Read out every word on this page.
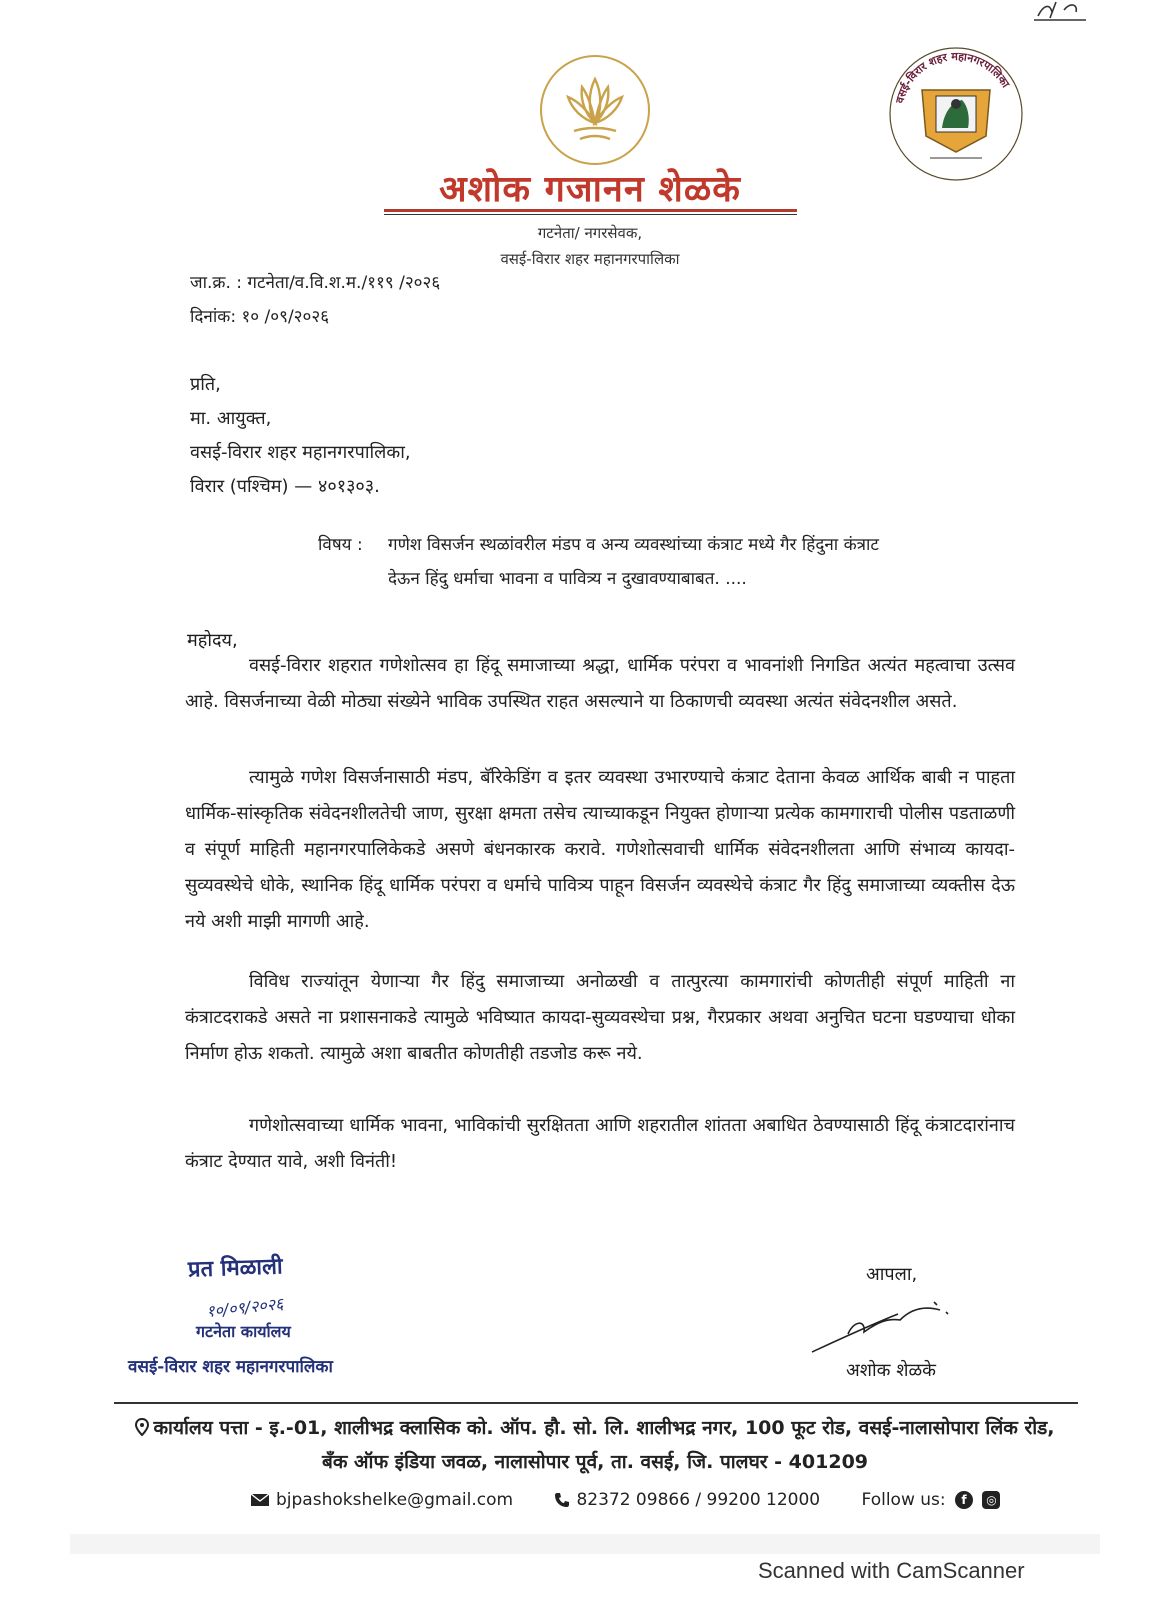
अशोक गजानन शेळके
गटनेता/ नगरसेवक,
वसई-विरार शहर महानगरपालिका
वसई-विरार शहर महानगरपालिका
जा.क्र. : गटनेता/व.वि.श.म./११९ /२०२६
दिनांक: १० /०९/२०२६
प्रति,
मा. आयुक्त,
वसई-विरार शहर महानगरपालिका,
विरार (पश्चिम) — ४०१३०३.
विषय : गणेश विसर्जन स्थळांवरील मंडप व अन्य व्यवस्थांच्या कंत्राट मध्ये गैर हिंदुना कंत्राट
देऊन हिंदु धर्माचा भावना व पावित्र्य न दुखावण्याबाबत. ....
महोदय,
वसई-विरार शहरात गणेशोत्सव हा हिंदू समाजाच्या श्रद्धा, धार्मिक परंपरा व भावनांशी निगडित अत्यंत महत्वाचा उत्सव आहे. विसर्जनाच्या वेळी मोठ्या संख्येने भाविक उपस्थित राहत असल्याने या ठिकाणची व्यवस्था अत्यंत संवेदनशील असते.
त्यामुळे गणेश विसर्जनासाठी मंडप, बॅरिकेडिंग व इतर व्यवस्था उभारण्याचे कंत्राट देताना केवळ आर्थिक बाबी न पाहता धार्मिक-सांस्कृतिक संवेदनशीलतेची जाण, सुरक्षा क्षमता तसेच त्याच्याकडून नियुक्त होणाऱ्या प्रत्येक कामगाराची पोलीस पडताळणी व संपूर्ण माहिती महानगरपालिकेकडे असणे बंधनकारक करावे. गणेशोत्सवाची धार्मिक संवेदनशीलता आणि संभाव्य कायदा-सुव्यवस्थेचे धोके, स्थानिक हिंदू धार्मिक परंपरा व धर्माचे पावित्र्य पाहून विसर्जन व्यवस्थेचे कंत्राट गैर हिंदु समाजाच्या व्यक्तीस देऊ नये अशी माझी मागणी आहे.
विविध राज्यांतून येणाऱ्या गैर हिंदु समाजाच्या अनोळखी व तात्पुरत्या कामगारांची कोणतीही संपूर्ण माहिती ना कंत्राटदराकडे असते ना प्रशासनाकडे त्यामुळे भविष्यात कायदा-सुव्यवस्थेचा प्रश्न, गैरप्रकार अथवा अनुचित घटना घडण्याचा धोका निर्माण होऊ शकतो. त्यामुळे अशा बाबतीत कोणतीही तडजोड करू नये.
गणेशोत्सवाच्या धार्मिक भावना, भाविकांची सुरक्षितता आणि शहरातील शांतता अबाधित ठेवण्यासाठी हिंदू कंत्राटदारांनाच कंत्राट देण्यात यावे, अशी विनंती!
प्रत मिळाली
१०/०९/२०२६
गटनेता कार्यालय
वसई-विरार शहर महानगरपालिका
आपला,
अशोक शेळके
कार्यालय पत्ता - इ.-01, शालीभद्र क्लासिक को. ऑप. हौ. सो. लि. शालीभद्र नगर, 100 फूट रोड, वसई-नालासोपारा लिंक रोड,
बँक ऑफ इंडिया जवळ, नालासोपार पूर्व, ता. वसई, जि. पालघर - 401209
bjpashokshelke@gmail.com	82372 09866 / 99200 12000 Follow us: f ◎
Scanned with CamScanner
